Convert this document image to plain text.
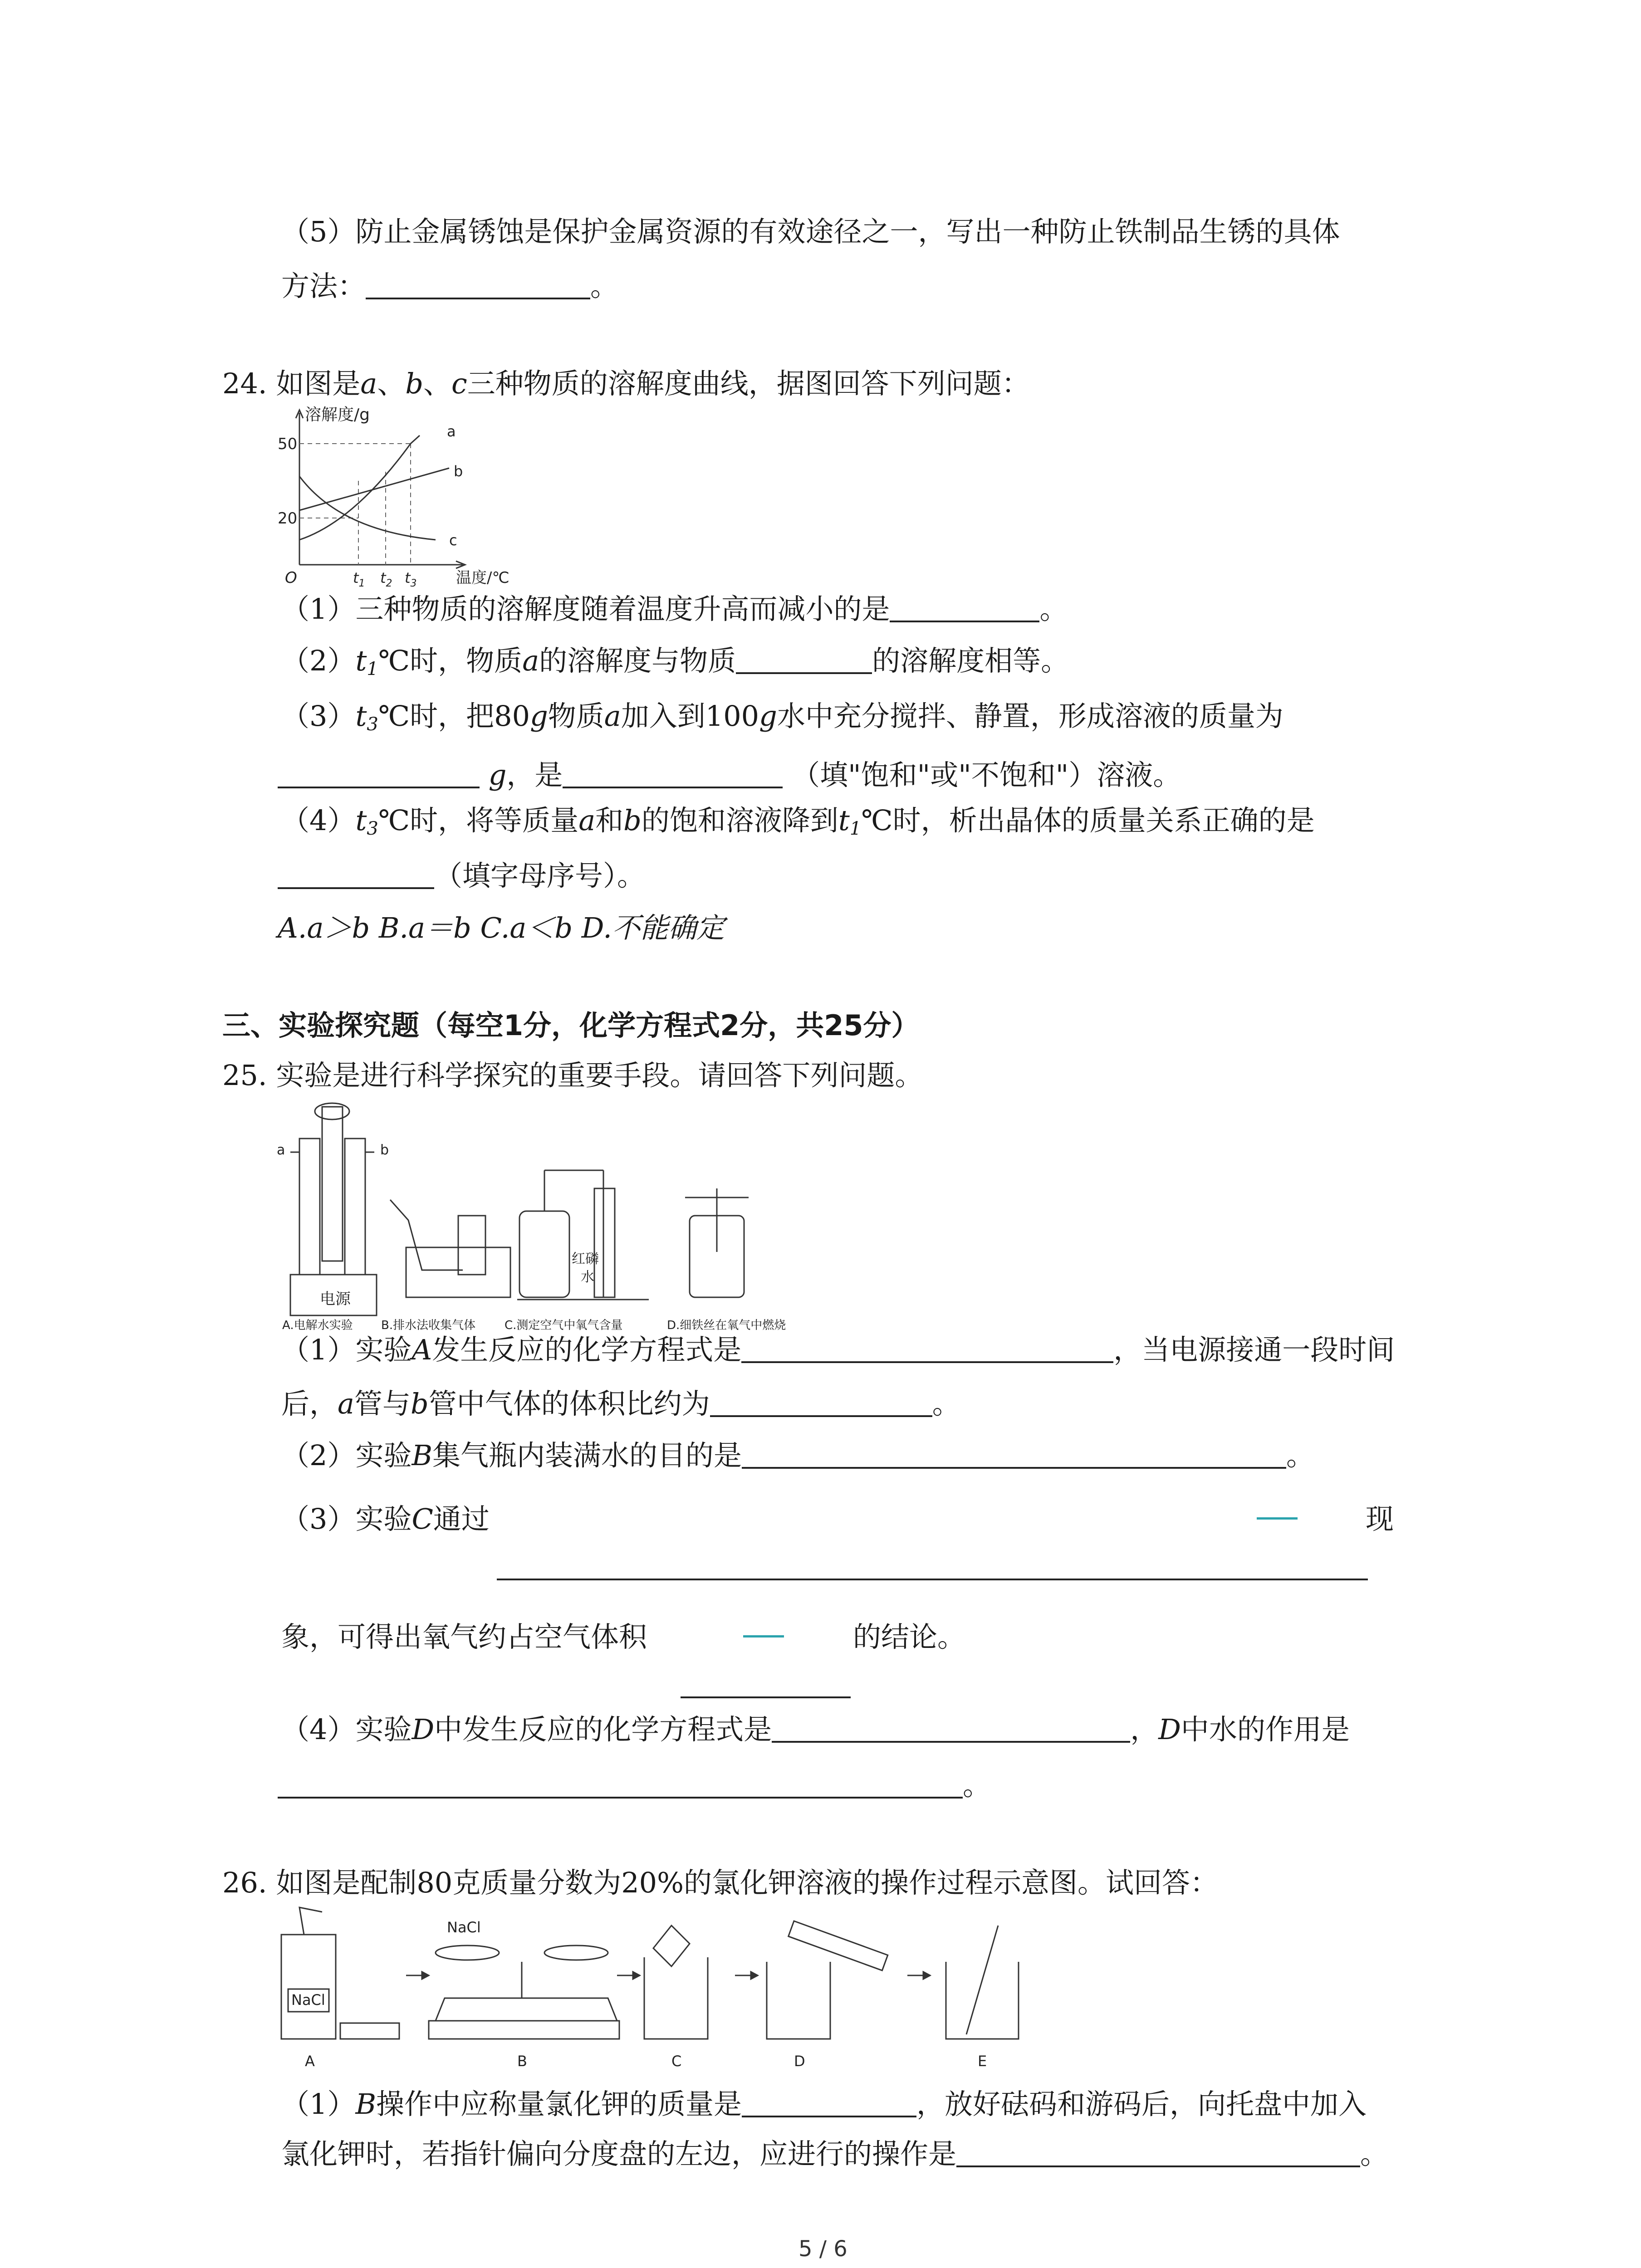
（5）防止金属锈蚀是保护金属资源的有效途径之一，写出一种防止铁制品生锈的具体
方法：	。
24. 如图是a、b、c三种物质的溶解度曲线，据图回答下列问题：
溶解度/g
50
20
O	$t_1$ $t_2$ $t_3$	温度/℃
a
b
c
（1）三种物质的溶解度随着温度升高而减小的是	。
$(2)t_1℃$时，物质a的溶解度与物质	的溶解度相等。
$(3)t_3℃$时，把80g物质a加入到100g水中充分搅拌、静置，形成溶液的质量为
g，是	（填"饱和"或"不饱和"）溶液。
$(4)t_3℃$时，将等质量a和b的饱和溶液降到$t_1℃$时，析出晶体的质量关系正确的是
（填字母序号）。
A.a＞b B.a＝b C.a＜b D.不能确定
三、实验探究题（每空1分，化学方程式2分，共25分）
25. 实验是进行科学探究的重要手段。请回答下列问题。
a	b
电源
红磷
水
A.电解水实验 B.排水法收集气体 C.测定空气中氧气含量	D.细铁丝在氧气中燃烧
（1）实验A发生反应的化学方程式是	，当电源接通一段时间
后，a管与b管中气体的体积比约为	。
（2）实验B集气瓶内装满水的目的是	。
（3）实验C通过	现
象，可得出氧气约占空气体积	的结论。
（4）实验D中发生反应的化学方程式是	，D中水的作用是
。
26. 如图是配制80克质量分数为20%的氯化钾溶液的操作过程示意图。试回答：
NaCl
NaCl
A	B	C	D	E
（1）B操作中应称量氯化钾的质量是	，放好砝码和游码后，向托盘中加入
氯化钾时，若指针偏向分度盘的左边，应进行的操作是	。
5 / 6
